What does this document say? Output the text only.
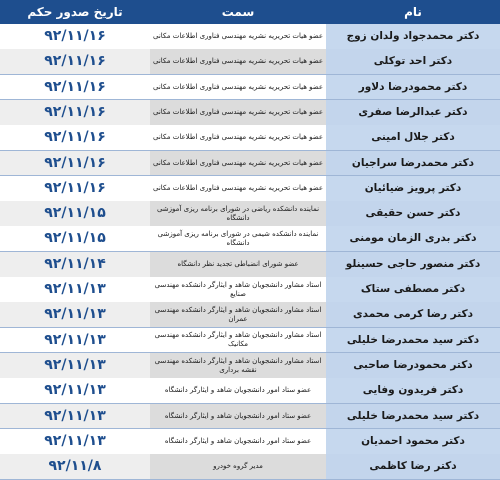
تاریخ صدور حکم	سمت	نام
۹۲/۱۱/۱۶	عضو هیات تحریریه نشریه مهندسی فناوری اطلاعات مکانی	دکتر محمدجواد ولدان زوج
۹۲/۱۱/۱۶	عضو هیات تحریریه نشریه مهندسی فناوری اطلاعات مکانی	دکتر احد توکلی
۹۲/۱۱/۱۶	عضو هیات تحریریه نشریه مهندسی فناوری اطلاعات مکانی	دکتر محمودرضا دلاور
۹۲/۱۱/۱۶	عضو هیات تحریریه نشریه مهندسی فناوری اطلاعات مکانی	دکتر عبدالرضا صفری
۹۲/۱۱/۱۶	عضو هیات تحریریه نشریه مهندسی فناوری اطلاعات مکانی	دکتر جلال امینی
۹۲/۱۱/۱۶	عضو هیات تحریریه نشریه مهندسی فناوری اطلاعات مکانی	دکتر محمدرضا سراجیان
۹۲/۱۱/۱۶	عضو هیات تحریریه نشریه مهندسی فناوری اطلاعات مکانی	دکتر پرویز ضیائیان
۹۲/۱۱/۱۵	نماینده دانشکده ریاضی در شورای برنامه ریزی آموزشی دانشگاه	دکتر حسن حقیقی
۹۲/۱۱/۱۵	نماینده دانشکده شیمی در شورای برنامه ریزی آموزشی دانشگاه	دکتر بدری الزمان مومنی
۹۲/۱۱/۱۴	عضو شورای انضباطی تجدید نظر دانشگاه	دکتر منصور حاجی حسینلو
۹۲/۱۱/۱۳	استاد مشاور دانشجویان شاهد و ایثارگر دانشکده مهندسی صنایع	دکتر مصطفی ستاک
۹۲/۱۱/۱۳	استاد مشاور دانشجویان شاهد و ایثارگر دانشکده مهندسی عمران	دکتر رضا کرمی محمدی
۹۲/۱۱/۱۳	استاد مشاور دانشجویان شاهد و ایثارگر دانشکده مهندسی مکانیک	دکتر سید محمدرضا خلیلی
۹۲/۱۱/۱۳	استاد مشاور دانشجویان شاهد و ایثارگر دانشکده مهندسی نقشه برداری	دکتر محمودرضا صاحبی
۹۲/۱۱/۱۳	عضو ستاد امور دانشجویان شاهد و ایثارگر دانشگاه	دکتر فریدون وفایی
۹۲/۱۱/۱۳	عضو ستاد امور دانشجویان شاهد و ایثارگر دانشگاه	دکتر سید محمدرضا خلیلی
۹۲/۱۱/۱۳	عضو ستاد امور دانشجویان شاهد و ایثارگر دانشگاه	دکتر محمود احمدیان
۹۲/۱۱/۸	مدیر گروه خودرو	دکتر رضا کاظمی
